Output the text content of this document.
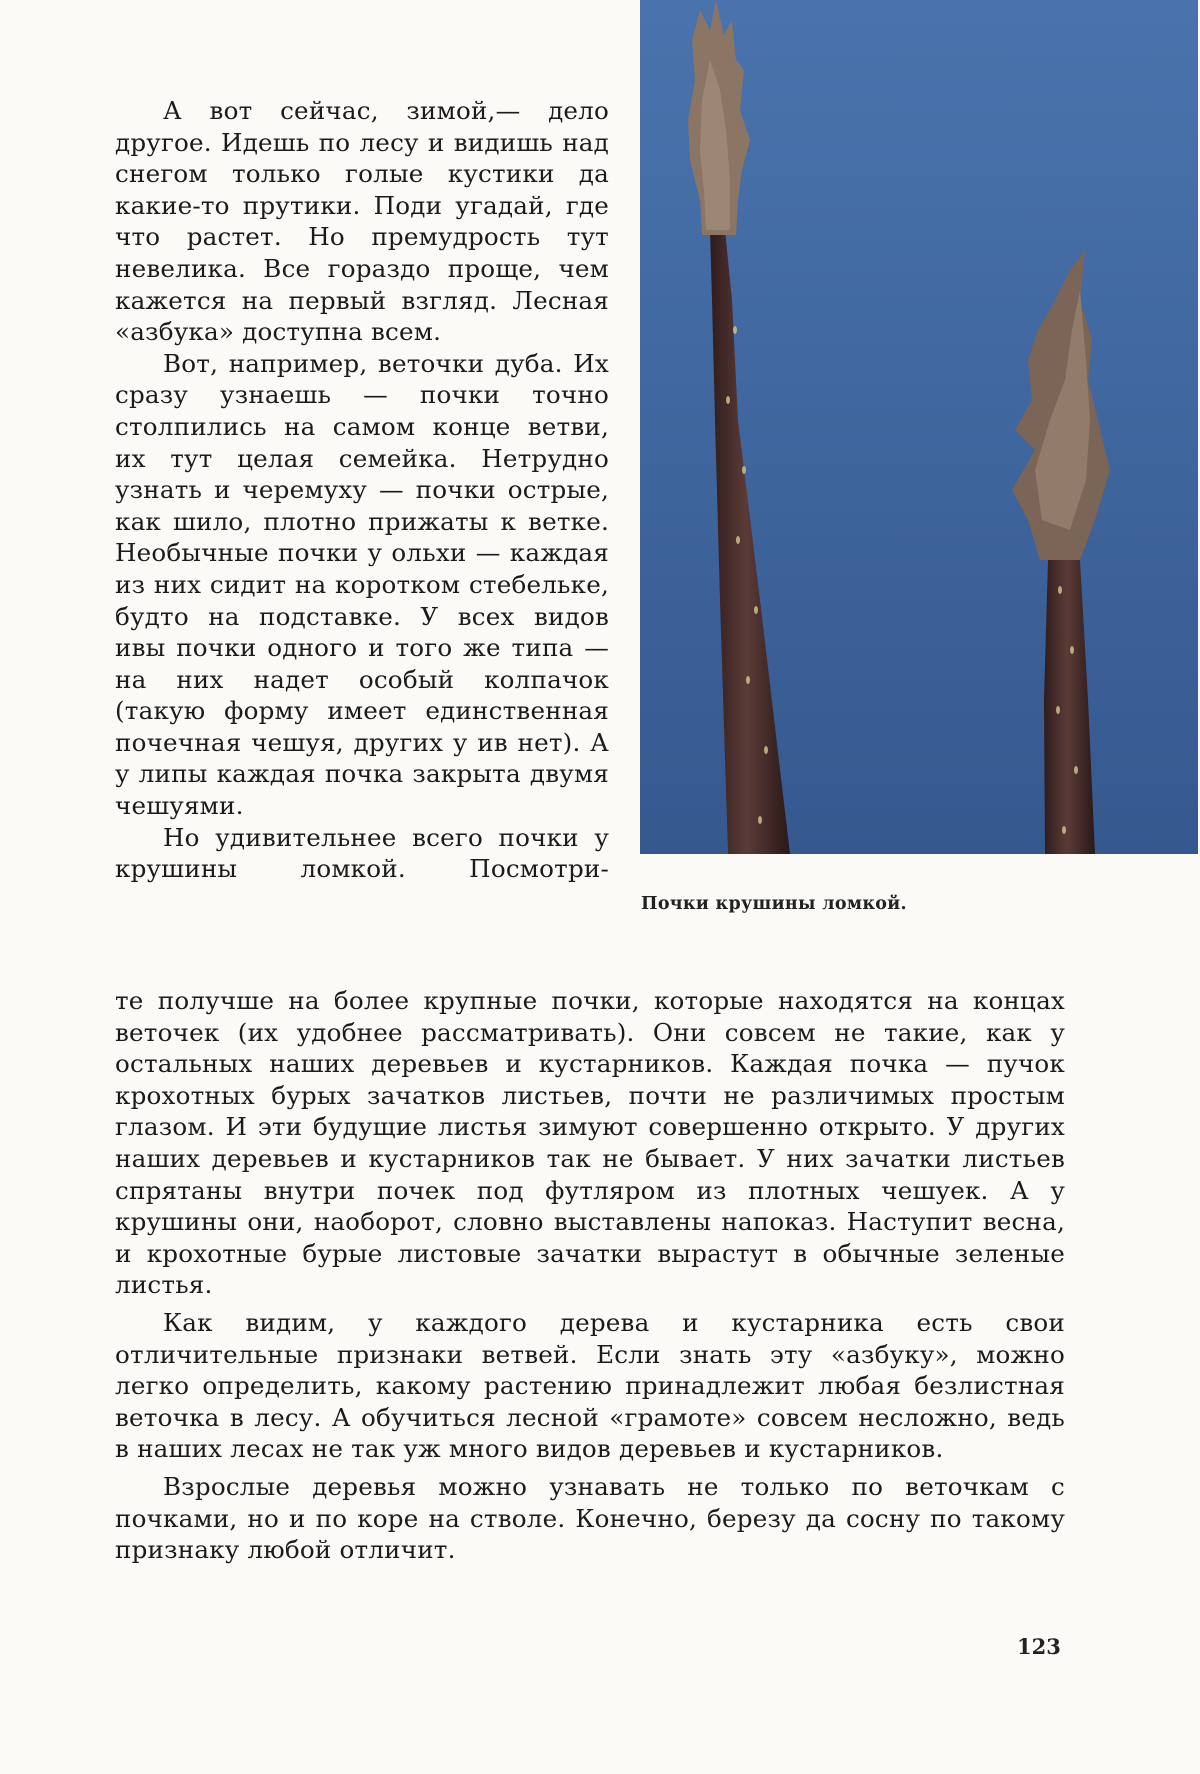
А вот сейчас, зимой,— дело другое. Идешь по лесу и видишь над снегом только голые кустики да какие-то прутики. Поди угадай, где что растет. Но премудрость тут невелика. Все гораздо проще, чем кажется на первый взгляд. Лесная «азбука» доступна всем.

Вот, например, веточки дуба. Их сразу узнаешь — почки точно столпились на самом конце ветви, их тут целая семейка. Нетрудно узнать и черемуху — почки острые, как шило, плотно прижаты к ветке. Необычные почки у ольхи — каждая из них сидит на коротком стебельке, будто на подставке. У всех видов ивы почки одного и того же типа — на них надет особый колпачок (такую форму имеет единственная почечная чешуя, других у ив нет). А у липы каждая почка закрыта двумя чешуями.

Но удивительнее всего почки у крушины ломкой. Посмотри-

Почки крушины ломкой.

те получше на более крупные почки, которые находятся на концах веточек (их удобнее рассматривать). Они совсем не такие, как у остальных наших деревьев и кустарников. Каждая почка — пучок крохотных бурых зачатков листьев, почти не различимых простым глазом. И эти будущие листья зимуют совершенно открыто. У других наших деревьев и кустарников так не бывает. У них зачатки листьев спрятаны внутри почек под футляром из плотных чешуек. А у крушины они, наоборот, словно выставлены напоказ. Наступит весна, и крохотные бурые листовые зачатки вырастут в обычные зеленые листья.

Как видим, у каждого дерева и кустарника есть свои отличительные признаки ветвей. Если знать эту «азбуку», можно легко определить, какому растению принадлежит любая безлистная веточка в лесу. А обучиться лесной «грамоте» совсем несложно, ведь в наших лесах не так уж много видов деревьев и кустарников.

Взрослые деревья можно узнавать не только по веточкам с почками, но и по коре на стволе. Конечно, березу да сосну по такому признаку любой отличит.

123
